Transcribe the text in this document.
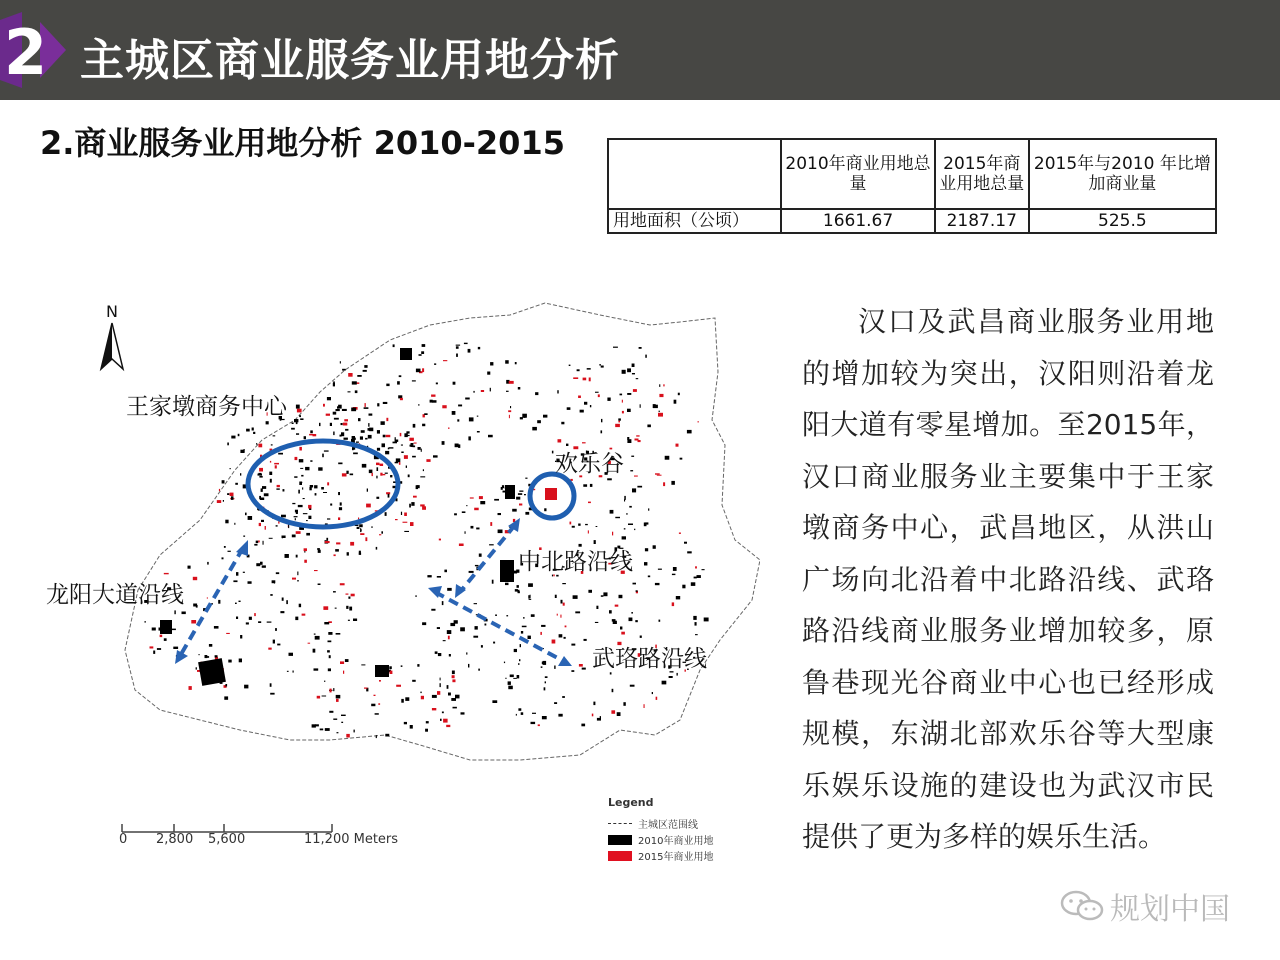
2 主城区商业服务业用地分析
2.商业服务业用地分析 2010-2015
	2010年商业用地总量	2015年商业用地总量	2015年与2010 年比增加商业量
用地面积（公顷）	1661.67	2187.17	525.5
N
王家墩商务中心
欢乐谷
中北路沿线
龙阳大道沿线
武珞路沿线
0 2,800 5,600	11,200 Meters
Legend
主城区范围线
2010年商业用地
2015年商业用地
汉口及武昌商业服务业用地的增加较为突出，汉阳则沿着龙阳大道有零星增加。至2015年，汉口商业服务业主要集中于王家墩商务中心，武昌地区，从洪山广场向北沿着中北路沿线、武珞路沿线商业服务业增加较多，原鲁巷现光谷商业中心也已经形成规模，东湖北部欢乐谷等大型康乐娱乐设施的建设也为武汉市民提供了更为多样的娱乐生活。
规划中国
